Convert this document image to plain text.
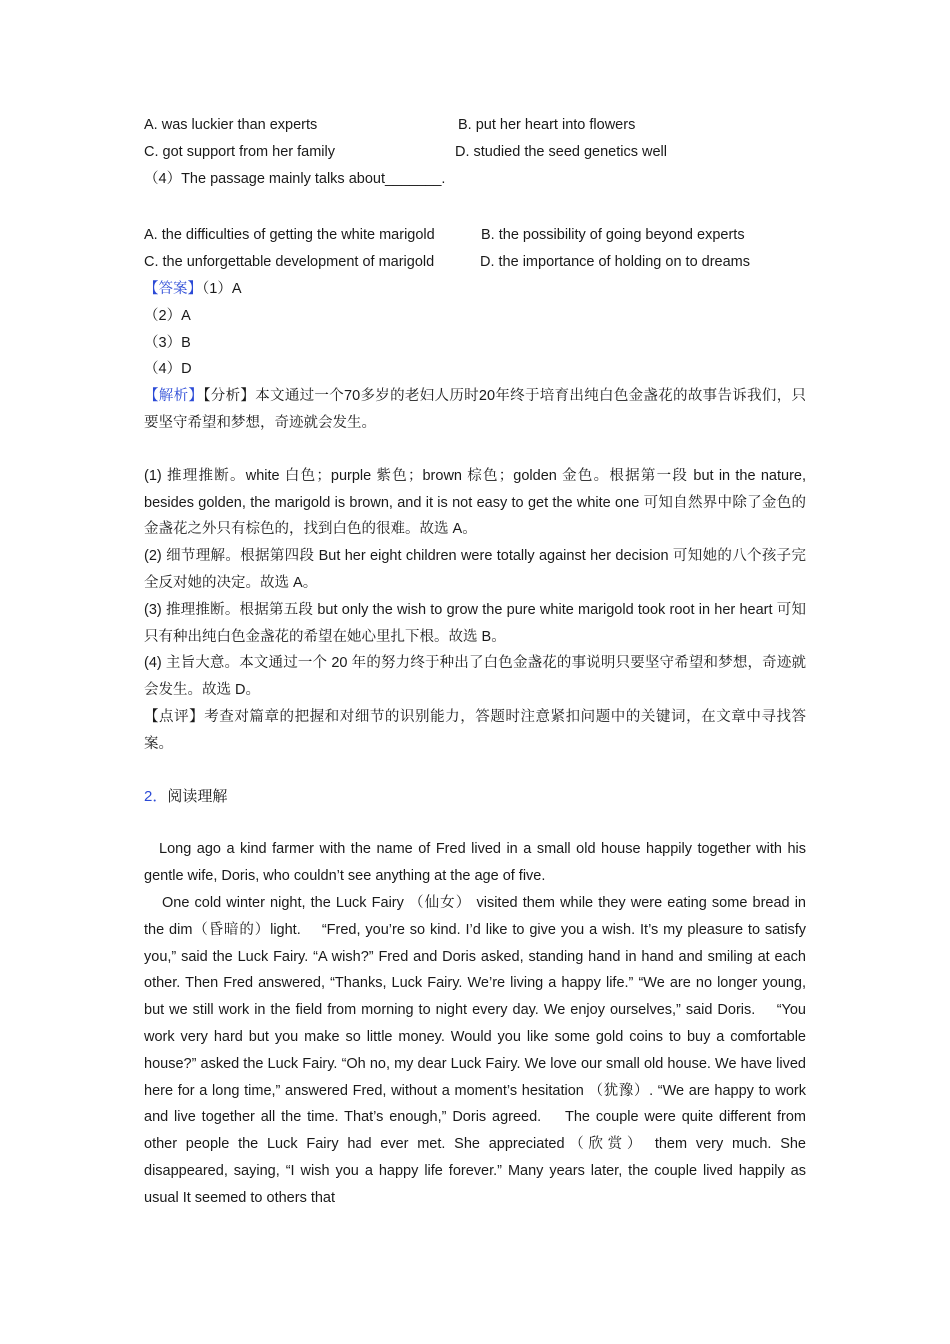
A. was luckier than experts	B. put her heart into flowers
C. got support from her family	D. studied the seed genetics well
（4）The passage mainly talks about_______.
A. the difficulties of getting the white marigold	B. the possibility of going beyond experts
C. the unforgettable development of marigold	D. the importance of holding on to dreams
【答案】（1）A
（2）A
（3）B
（4）D
【解析】【分析】本文通过一个70多岁的老妇人历时20年终于培育出纯白色金盏花的故事告诉我们，只要坚守希望和梦想，奇迹就会发生。
(1) 推理推断。white 白色；purple 紫色；brown 棕色；golden 金色。根据第一段 but in the nature, besides golden, the marigold is brown, and it is not easy to get the white one 可知自然界中除了金色的金盏花之外只有棕色的，找到白色的很难。故选 A。
(2) 细节理解。根据第四段 But her eight children were totally against her decision 可知她的八个孩子完全反对她的决定。故选 A。
(3) 推理推断。根据第五段 but only the wish to grow the pure white marigold took root in her heart 可知只有种出纯白色金盏花的希望在她心里扎下根。故选 B。
(4) 主旨大意。本文通过一个 20 年的努力终于种出了白色金盏花的事说明只要坚守希望和梦想，奇迹就会发生。故选 D。
【点评】考查对篇章的把握和对细节的识别能力，答题时注意紧扣问题中的关键词，在文章中寻找答案。
2．阅读理解
Long ago a kind farmer with the name of Fred lived in a small old house happily together with his gentle wife, Doris, who couldn’t see anything at the age of five.
One cold winter night, the Luck Fairy （仙女） visited them while they were eating some bread in the dim（昏暗的）light.　 “Fred, you’re so kind. I’d like to give you a wish. It’s my pleasure to satisfy you,” said the Luck Fairy. “A wish?” Fred and Doris asked, standing hand in hand and smiling at each other. Then Fred answered, “Thanks, Luck Fairy. We’re living a happy life.” “We are no longer young, but we still work in the field from morning to night every day. We enjoy ourselves,” said Doris.　 “You work very hard but you make so little money. Would you like some gold coins to buy a comfortable house?” asked the Luck Fairy. “Oh no, my dear Luck Fairy. We love our small old house. We have lived here for a long time,” answered Fred, without a moment’s hesitation （犹豫）. “We are happy to work and live together all the time. That’s enough,” Doris agreed.　 The couple were quite different from other people the Luck Fairy had ever met. She appreciated（欣赏） them very much. She disappeared, saying, “I wish you a happy life forever.” Many years later, the couple lived happily as usual It seemed to others that
